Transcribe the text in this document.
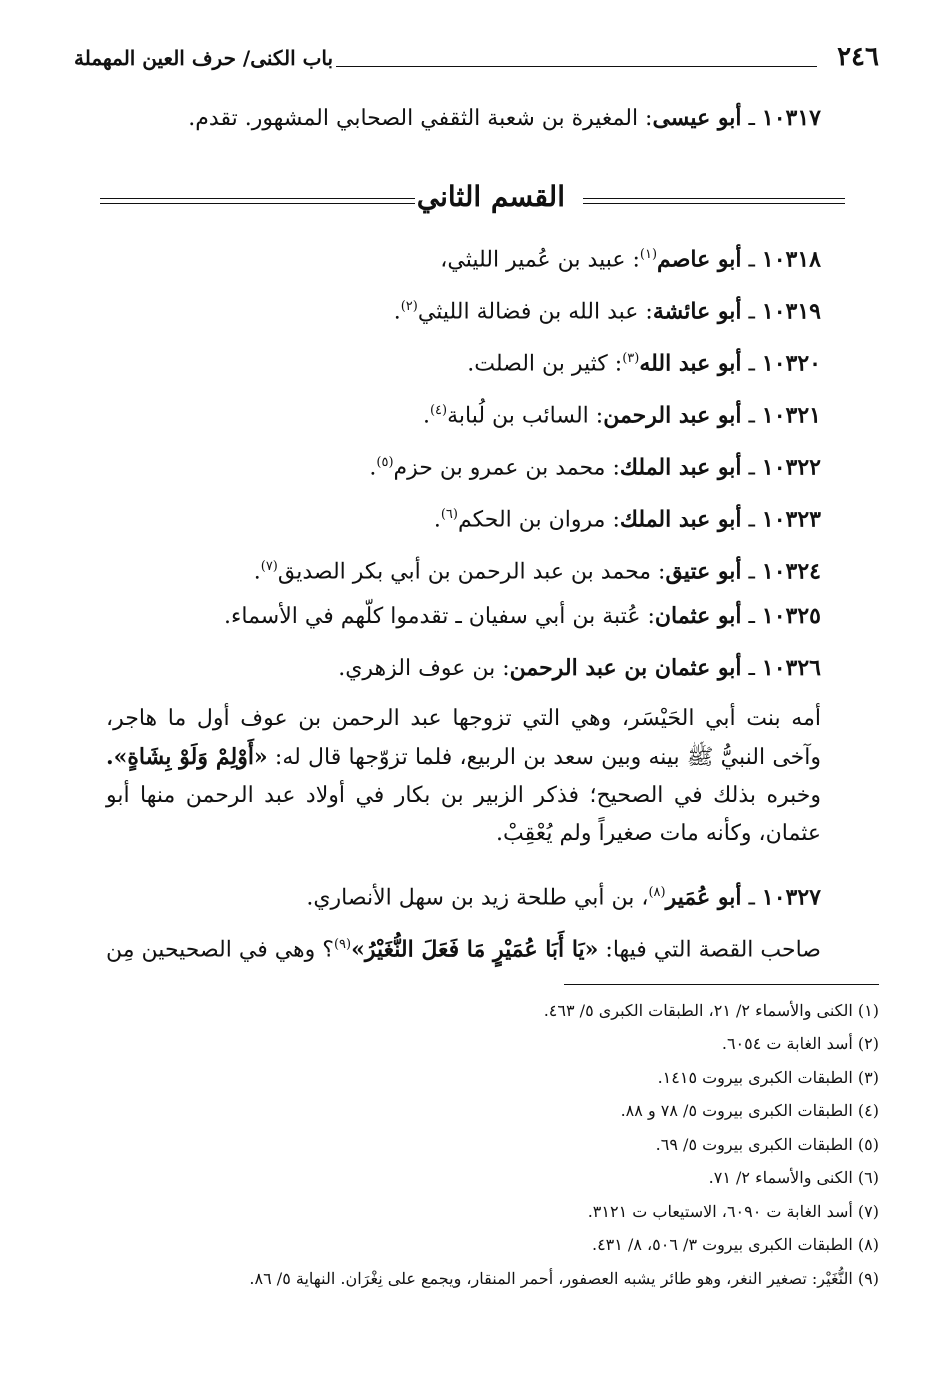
٢٤٦
باب الكنى/ حرف العين المهملة
١٠٣١٧ ـ أبو عيسى: المغيرة بن شعبة الثقفي الصحابي المشهور. تقدم.
القسم الثاني
١٠٣١٨ ـ أبو عاصم$^{(١)}$: عبيد بن عُمير الليثي،
١٠٣١٩ ـ أبو عائشة: عبد الله بن فضالة الليثي$^{(٢)}$.
١٠٣٢٠ ـ أبو عبد الله$^{(٣)}$: كثير بن الصلت.
١٠٣٢١ ـ أبو عبد الرحمن: السائب بن لُبابة$^{(٤)}$.
١٠٣٢٢ ـ أبو عبد الملك: محمد بن عمرو بن حزم$^{(٥)}$.
١٠٣٢٣ ـ أبو عبد الملك: مروان بن الحكم$^{(٦)}$.
١٠٣٢٤ ـ أبو عتيق: محمد بن عبد الرحمن بن أبي بكر الصديق$^{(٧)}$.
١٠٣٢٥ ـ أبو عثمان: عُتبة بن أبي سفيان ـ تقدموا كلّهم في الأسماء.
١٠٣٢٦ ـ أبو عثمان بن عبد الرحمن: بن عوف الزهري.
أمه بنت أبي الحَيْسَر، وهي التي تزوجها عبد الرحمن بن عوف أول ما هاجر، وآخى النبيُّ ﷺ بينه وبين سعد بن الربيع، فلما تزوّجها قال له: «أَوْلِمْ وَلَوْ بِشَاةٍ». وخبره بذلك في الصحيح؛ فذكر الزبير بن بكار في أولاد عبد الرحمن منها أبو عثمان، وكأنه مات صغيراً ولم يُعْقِبْ.
١٠٣٢٧ ـ أبو عُمَير$^{(٨)}$، بن أبي طلحة زيد بن سهل الأنصاري.
صاحب القصة التي فيها: «يَا أَبَا عُمَيْرٍ مَا فَعَلَ النُّغَيْرُ»$^{(٩)}$؟ وهي في الصحيحين مِن
(١) الكنى والأسماء ٢/ ٢١، الطبقات الكبرى ٥/ ٤٦٣.
(٢) أسد الغابة ت ٦٠٥٤.
(٣) الطبقات الكبرى بيروت ١٤١٥.
(٤) الطبقات الكبرى بيروت ٥/ ٧٨ و ٨٨.
(٥) الطبقات الكبرى بيروت ٥/ ٦٩.
(٦) الكنى والأسماء ٢/ ٧١.
(٧) أسد الغابة ت ٦٠٩٠، الاستيعاب ت ٣١٢١.
(٨) الطبقات الكبرى بيروت ٣/ ٥٠٦، ٨/ ٤٣١.
(٩) النُّغَيْر: تصغير النغر، وهو طائر يشبه العصفور، أحمر المنقار، ويجمع على نِغْرَان. النهاية ٥/ ٨٦.
